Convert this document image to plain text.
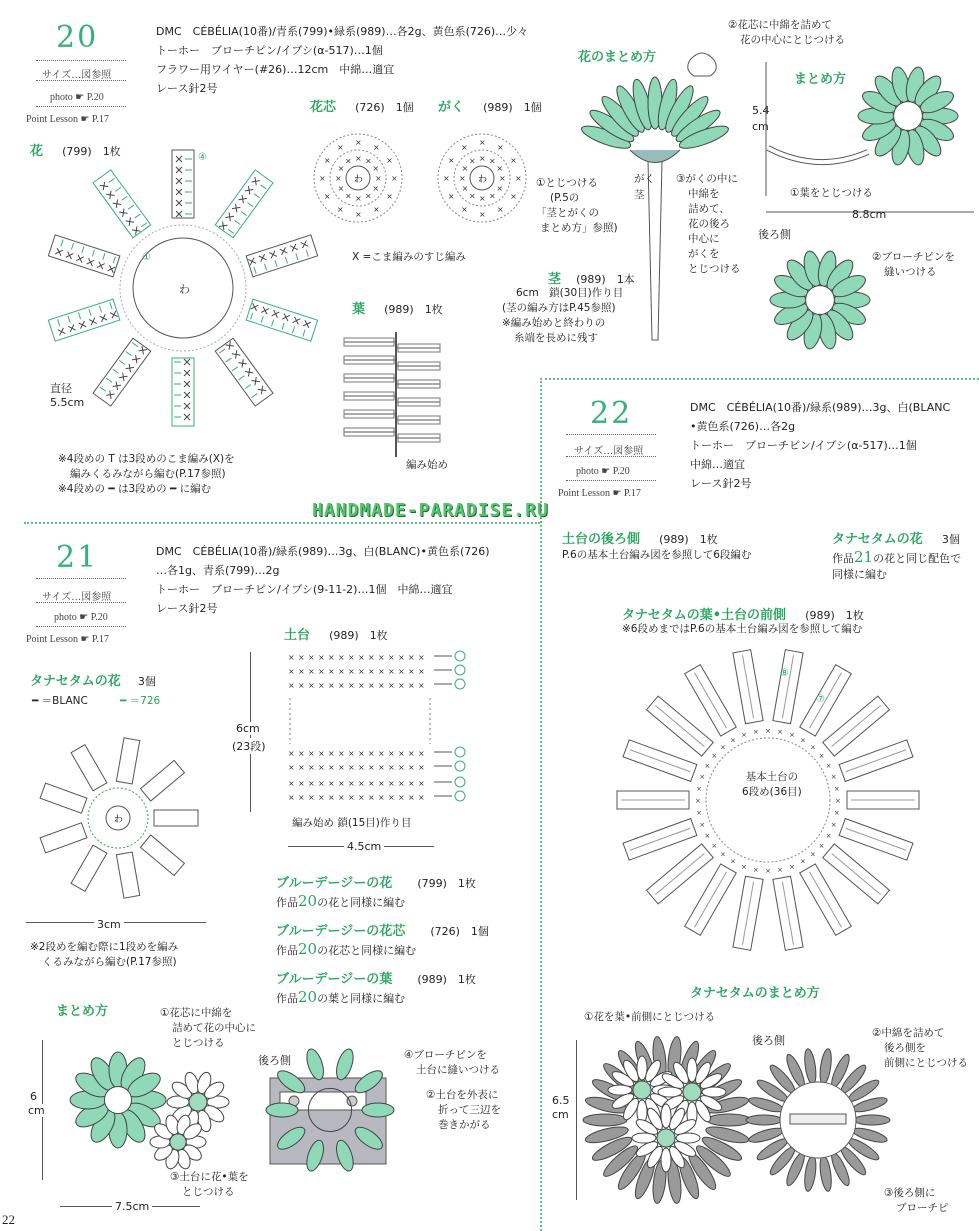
20
サイズ…図参照
photo ☛ P.20
Point Lesson ☛ P.17
DMC　CÉBÉLIA(10番)/青系(799)•緑系(989)…各2g、黄色系(726)…少々
トーホー　ブローチピン/イブシ(α-517)…1個
フラワー用ワイヤー(#26)…12cm　中綿…適宜
レース針2号
花 (799)　1枚
わ
①
④
直径
5.5cm
※4段めの T は3段めのこま編み(X)を
編みくるみながら編む(P.17参照)
※4段めの ━ は3段めの ━ に編む
花芯 (726)　1個 がく (989)　1個
× ×
×
×
×
×
×
×
×
×
×
×
×
×
×
× ×
×
×
×
×
×
×
×
わ	× ×
×
×
×
×
×
×
×
×
×
×
×
×
×
× ×
×
×
×
×
×
×
×
わ
X =こま編みのすじ編み
葉 (989)　1枚
編み始め
花のまとめ方
①とじつける
(P.5の
「茎とがくの
まとめ方」参照)
がく
茎
③がくの中に
中綿を
詰めて、
花の後ろ
中心に
がくを
とじつける
茎 (989)　1本
6cm　鎖(30目)作り目
(茎の編み方はP.45参照)
※編み始めと終わりの
糸端を長めに残す
②花芯に中綿を詰めて
花の中心にとじつける
まとめ方
5.4
cm
①葉をとじつける
8.8cm
後ろ側
②ブローチピンを
縫いつける
HANDMADE-PARADISE.RU
21
サイズ…図参照
photo ☛ P.20
Point Lesson ☛ P.17
DMC　CÉBÉLIA(10番)/緑系(989)…3g、白(BLANC)•黄色系(726)
…各1g、青系(799)…2g
トーホー　ブローチピン/イブシ(9-11-2)…1個　中綿…適宜
レース針2号
タナセタムの花 3個
━ ＝BLANC	━ ＝726
わ
3cm
※2段めを編む際に1段めを編み
くるみながら編む(P.17参照)
土台 (989)　1枚
6cm
(23段)
× × × × × × × × × × × × × ×
× × × × × × × × × × × × × ×
× × × × × × × × × × × × × ×
× × × × × × × × × × × × × ×
× × × × × × × × × × × × × ×
× × × × × × × × × × × × × ×
× × × × × × × × × × × × × ×
編み始め 鎖(15目)作り目
4.5cm
ブルーデージーの花 (799)　1枚
作品20の花と同様に編む
ブルーデージーの花芯 (726)　1個
作品20の花芯と同様に編む
ブルーデージーの葉 (989)　1枚
作品20の葉と同様に編む
まとめ方	①花芯に中綿を
詰めて花の中心に
とじつける
6
cm
後ろ側	④ブローチピンを
土台に縫いつける
②土台を外表に
折って三辺を
巻きかがる
③土台に花•葉を
とじつける
7.5cm
22
サイズ…図参照
photo ☛ P.20
Point Lesson ☛ P.17
DMC　CÉBÉLIA(10番)/緑系(989)…3g、白(BLANC
•黄色系(726)…各2g
トーホー　ブローチピン/イブシ(α-517)…1個
中綿…適宜
レース針2号
土台の後ろ側 (989)　1枚
P.6の基本土台編み図を参照して6段編む
タナセタムの花 3個
作品21の花と同じ配色で
同様に編む
タナセタムの葉•土台の前側 (989)　1枚
※6段めまではP.6の基本土台編み図を参照して編む
×
×
×
×
×
×
×
×
×
×
×
×
×
×
×
×
×
×
×
×
×
×
×
×
×
× × × × ×
×
×
×
×
×
×
⑧
⑦
基本土台の
6段め(36目)
タナセタムのまとめ方
①花を葉•前側にとじつける
後ろ側
6.5
cm
②中綿を詰めて
後ろ側を
前側にとじつける
③後ろ側に
ブローチピ
22
